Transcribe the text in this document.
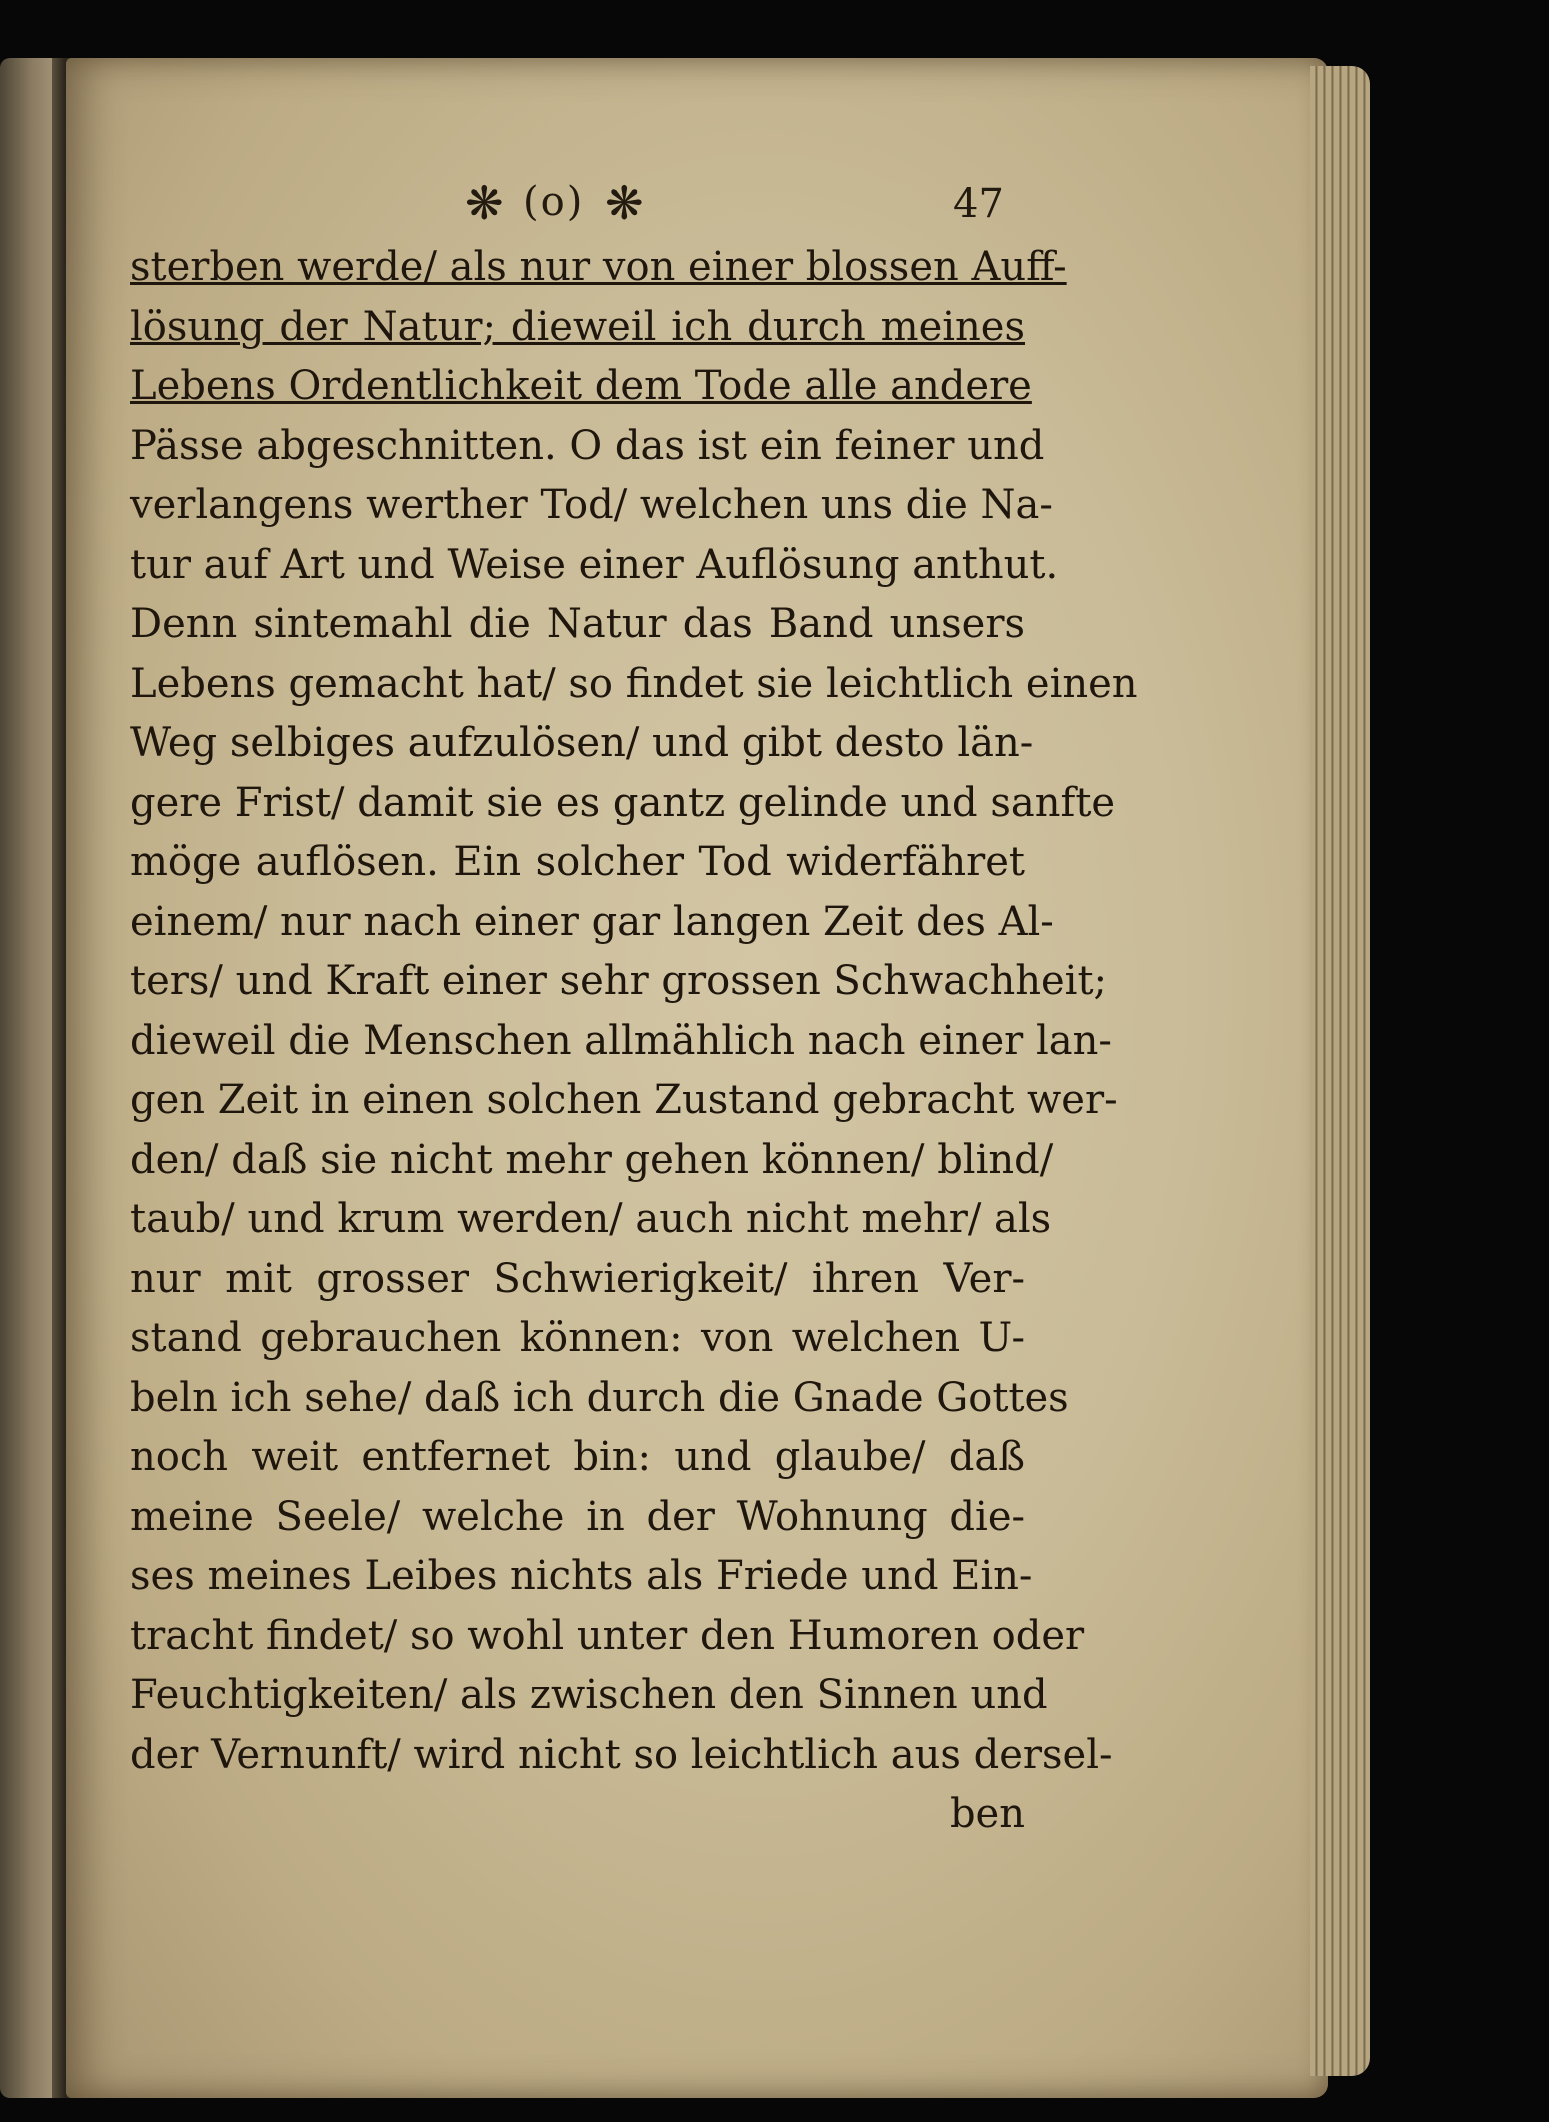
❋ (o) ❋	47
sterben werde/ als nur von einer blossen Auff-
lösung der Natur; dieweil ich durch meines
Lebens Ordentlichkeit dem Tode alle andere
Pässe abgeschnitten. O das ist ein feiner und
verlangens werther Tod/ welchen uns die Na-
tur auf Art und Weise einer Auflösung anthut.
Denn sintemahl die Natur das Band unsers
Lebens gemacht hat/ so findet sie leichtlich einen
Weg selbiges aufzulösen/ und gibt desto län-
gere Frist/ damit sie es gantz gelinde und sanfte
möge auflösen. Ein solcher Tod widerfähret
einem/ nur nach einer gar langen Zeit des Al-
ters/ und Kraft einer sehr grossen Schwachheit;
dieweil die Menschen allmählich nach einer lan-
gen Zeit in einen solchen Zustand gebracht wer-
den/ daß sie nicht mehr gehen können/ blind/
taub/ und krum werden/ auch nicht mehr/ als
nur mit grosser Schwierigkeit/ ihren Ver-
stand gebrauchen können: von welchen U-
beln ich sehe/ daß ich durch die Gnade Gottes
noch weit entfernet bin: und glaube/ daß
meine Seele/ welche in der Wohnung die-
ses meines Leibes nichts als Friede und Ein-
tracht findet/ so wohl unter den Humoren oder
Feuchtigkeiten/ als zwischen den Sinnen und
der Vernunft/ wird nicht so leichtlich aus dersel-
ben
